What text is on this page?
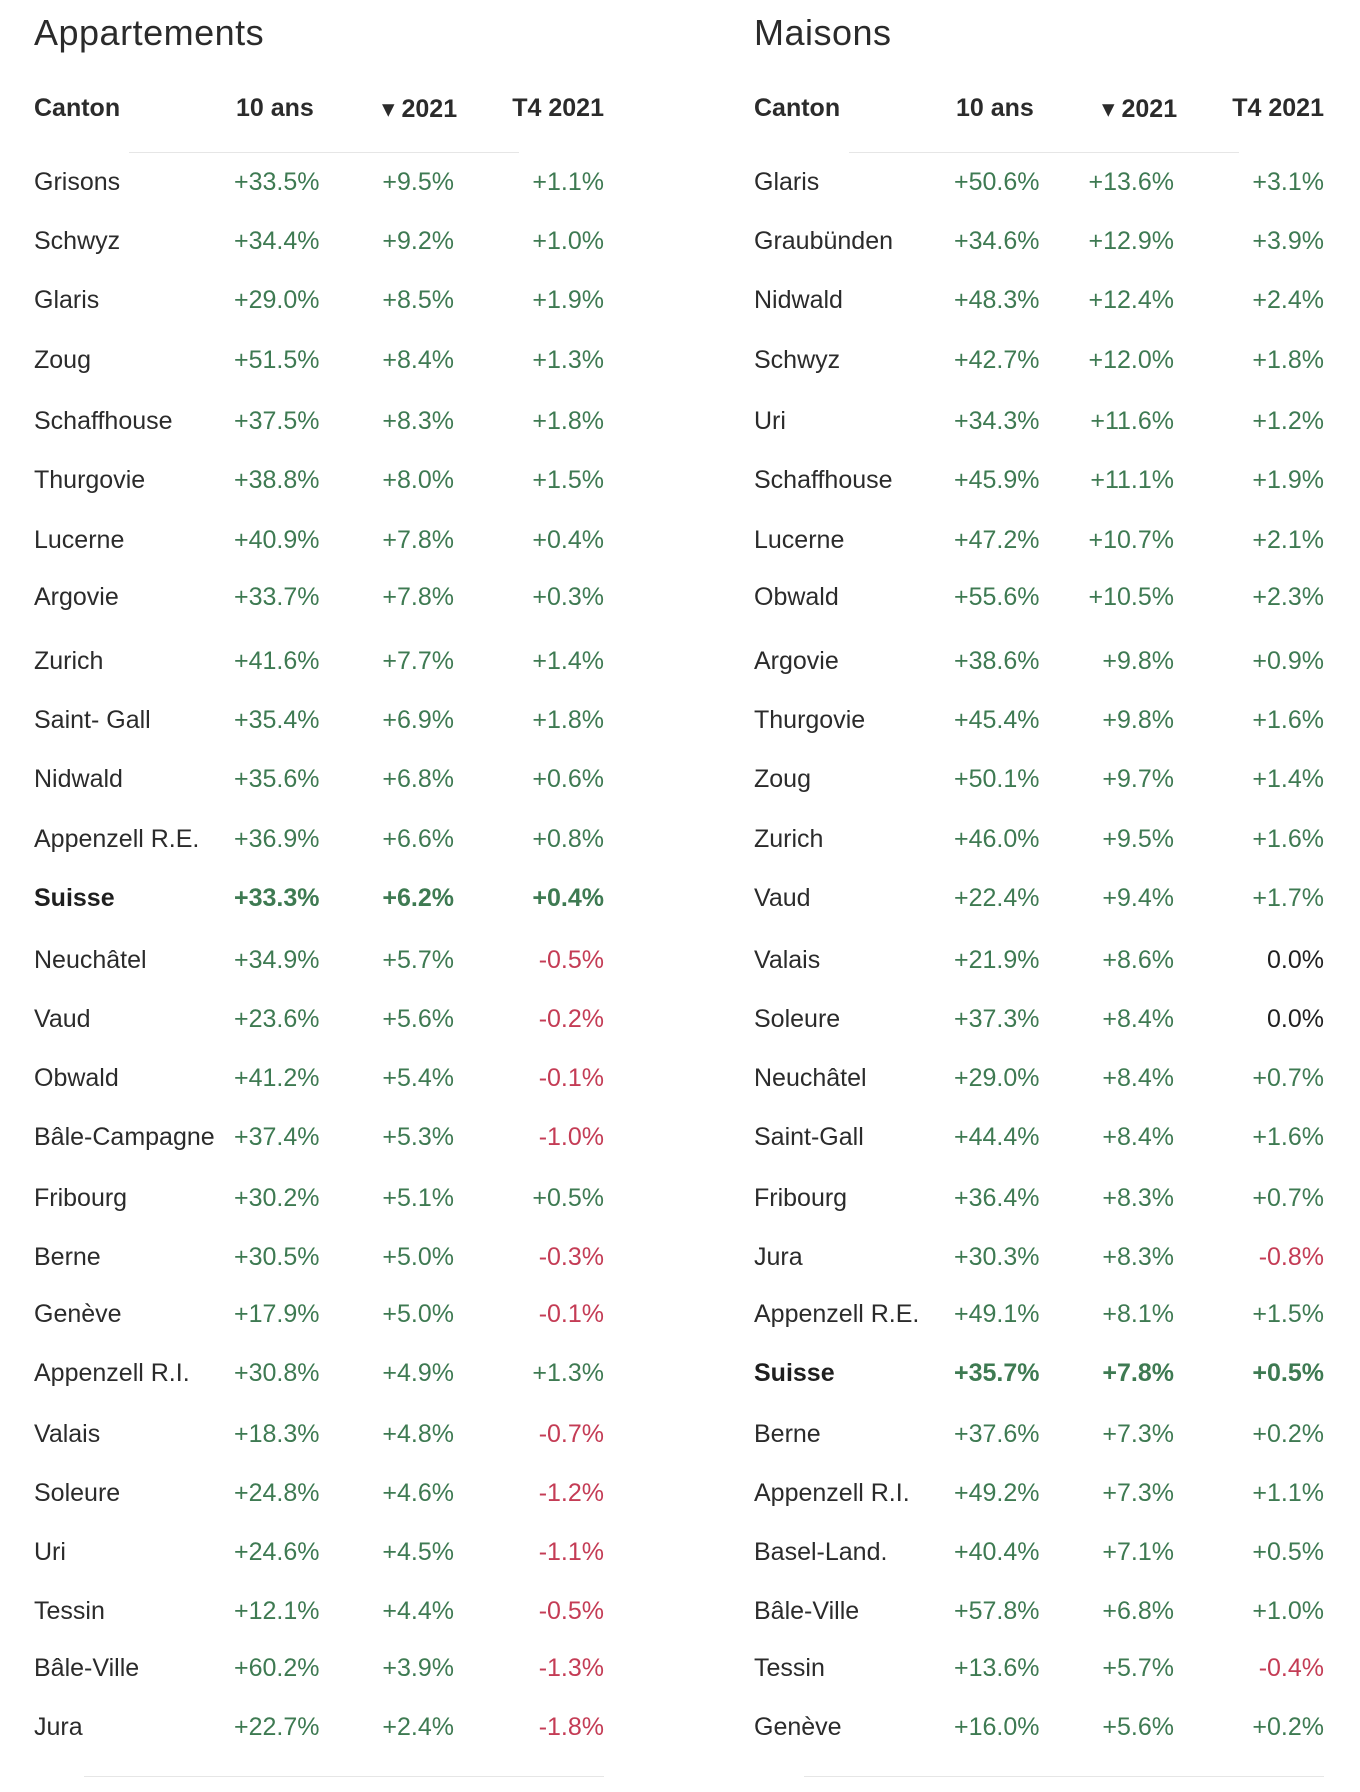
Appartements
Canton	10 ans	▾ 2021 T4 2021
Grisons	+33.5%	+9.5%	+1.1%
Schwyz	+34.4%	+9.2%	+1.0%
Glaris	+29.0%	+8.5%	+1.9%
Zoug	+51.5%	+8.4%	+1.3%
Schaffhouse +37.5%	+8.3%	+1.8%
Thurgovie	+38.8%	+8.0%	+1.5%
Lucerne	+40.9%	+7.8%	+0.4%
Argovie	+33.7%	+7.8%	+0.3%
Zurich	+41.6%	+7.7%	+1.4%
Saint- Gall	+35.4%	+6.9%	+1.8%
Nidwald	+35.6%	+6.8%	+0.6%
Appenzell R.E. +36.9%	+6.6%	+0.8%
Suisse	+33.3%	+6.2%	+0.4%
Neuchâtel	+34.9%	+5.7%	-0.5%
Vaud	+23.6%	+5.6%	-0.2%
Obwald	+41.2%	+5.4%	-0.1%
Bâle-Campagne +37.4%	+5.3%	-1.0%
Fribourg	+30.2%	+5.1%	+0.5%
Berne	+30.5%	+5.0%	-0.3%
Genève	+17.9%	+5.0%	-0.1%
Appenzell R.I. +30.8%	+4.9%	+1.3%
Valais	+18.3%	+4.8%	-0.7%
Soleure	+24.8%	+4.6%	-1.2%
Uri	+24.6%	+4.5%	-1.1%
Tessin	+12.1%	+4.4%	-0.5%
Bâle-Ville	+60.2%	+3.9%	-1.3%
Jura	+22.7%	+2.4%	-1.8%
Maisons
Canton	10 ans	▾ 2021 T4 2021
Glaris	+50.6% +13.6%	+3.1%
Graubünden +34.6% +12.9%	+3.9%
Nidwald	+48.3% +12.4%	+2.4%
Schwyz	+42.7% +12.0%	+1.8%
Uri	+34.3% +11.6%	+1.2%
Schaffhouse +45.9% +11.1%	+1.9%
Lucerne	+47.2% +10.7%	+2.1%
Obwald	+55.6% +10.5%	+2.3%
Argovie	+38.6%	+9.8%	+0.9%
Thurgovie	+45.4%	+9.8%	+1.6%
Zoug	+50.1%	+9.7%	+1.4%
Zurich	+46.0%	+9.5%	+1.6%
Vaud	+22.4%	+9.4%	+1.7%
Valais	+21.9%	+8.6%	0.0%
Soleure	+37.3%	+8.4%	0.0%
Neuchâtel	+29.0%	+8.4%	+0.7%
Saint-Gall	+44.4%	+8.4%	+1.6%
Fribourg	+36.4%	+8.3%	+0.7%
Jura	+30.3%	+8.3%	-0.8%
Appenzell R.E. +49.1%	+8.1%	+1.5%
Suisse	+35.7%	+7.8%	+0.5%
Berne	+37.6%	+7.3%	+0.2%
Appenzell R.I. +49.2%	+7.3%	+1.1%
Basel-Land.	+40.4%	+7.1%	+0.5%
Bâle-Ville	+57.8%	+6.8%	+1.0%
Tessin	+13.6%	+5.7%	-0.4%
Genève	+16.0%	+5.6%	+0.2%
